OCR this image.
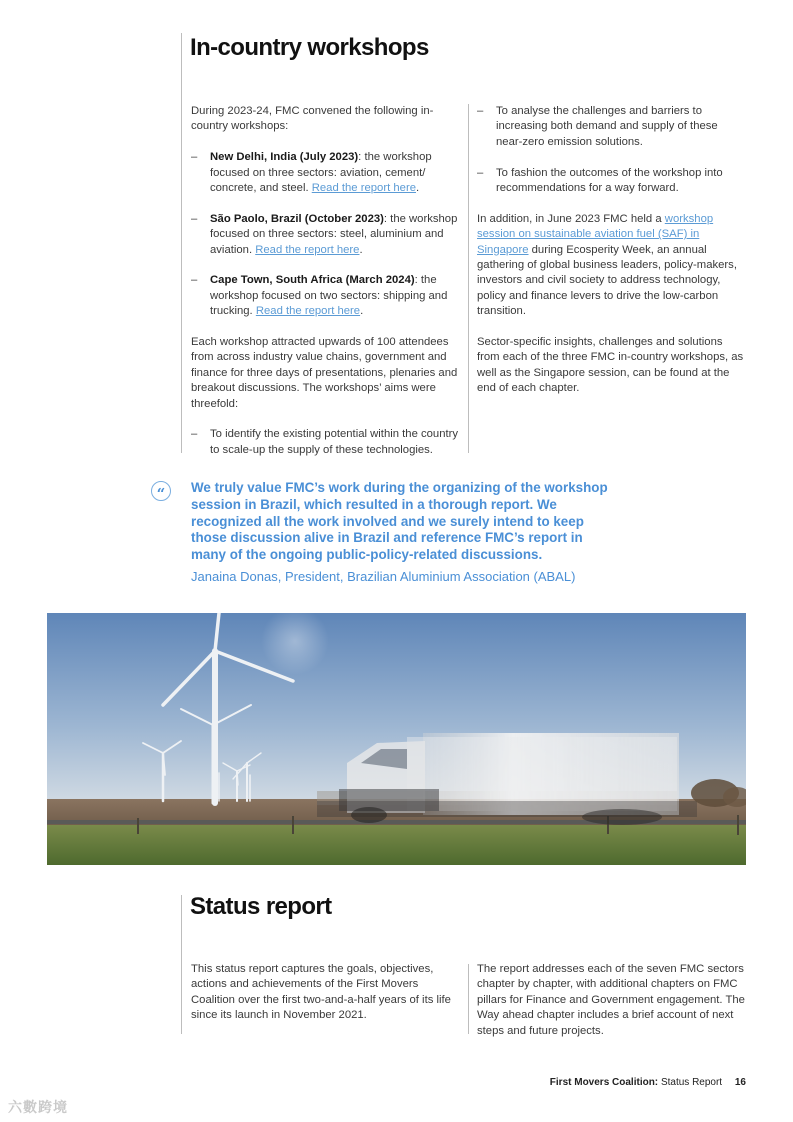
In-country workshops

During 2023-24, FMC convened the following in-country workshops:

– New Delhi, India (July 2023): the workshop focused on three sectors: aviation, cement/ concrete, and steel. Read the report here.
– São Paolo, Brazil (October 2023): the workshop focused on three sectors: steel, aluminium and aviation. Read the report here.
– Cape Town, South Africa (March 2024): the workshop focused on two sectors: shipping and trucking. Read the report here.

Each workshop attracted upwards of 100 attendees from across industry value chains, government and finance for three days of presentations, plenaries and breakout discussions. The workshops’ aims were threefold:

– To identify the existing potential within the country to scale-up the supply of these technologies.
– To analyse the challenges and barriers to increasing both demand and supply of these near-zero emission solutions.
– To fashion the outcomes of the workshop into recommendations for a way forward.

In addition, in June 2023 FMC held a workshop session on sustainable aviation fuel (SAF) in Singapore during Ecosperity Week, an annual gathering of global business leaders, policy-makers, investors and civil society to address technology, policy and finance levers to drive the low-carbon transition.

Sector-specific insights, challenges and solutions from each of the three FMC in-country workshops, as well as the Singapore session, can be found at the end of each chapter.

“	We truly value FMC’s work during the organizing of the workshop session in Brazil, which resulted in a thorough report. We recognized all the work involved and we surely intend to keep those discussion alive in Brazil and reference FMC’s report in many of the ongoing public-policy-related discussions.
Janaina Donas, President, Brazilian Aluminium Association (ABAL)
Status report

This status report captures the goals, objectives, actions and achievements of the First Movers Coalition over the first two-and-a-half years of its life since its launch in November 2021.

The report addresses each of the seven FMC sectors chapter by chapter, with additional chapters on FMC pillars for Finance and Government engagement. The Way ahead chapter includes a brief account of next steps and future projects.

First Movers Coalition: Status Report 16
六數跨境
